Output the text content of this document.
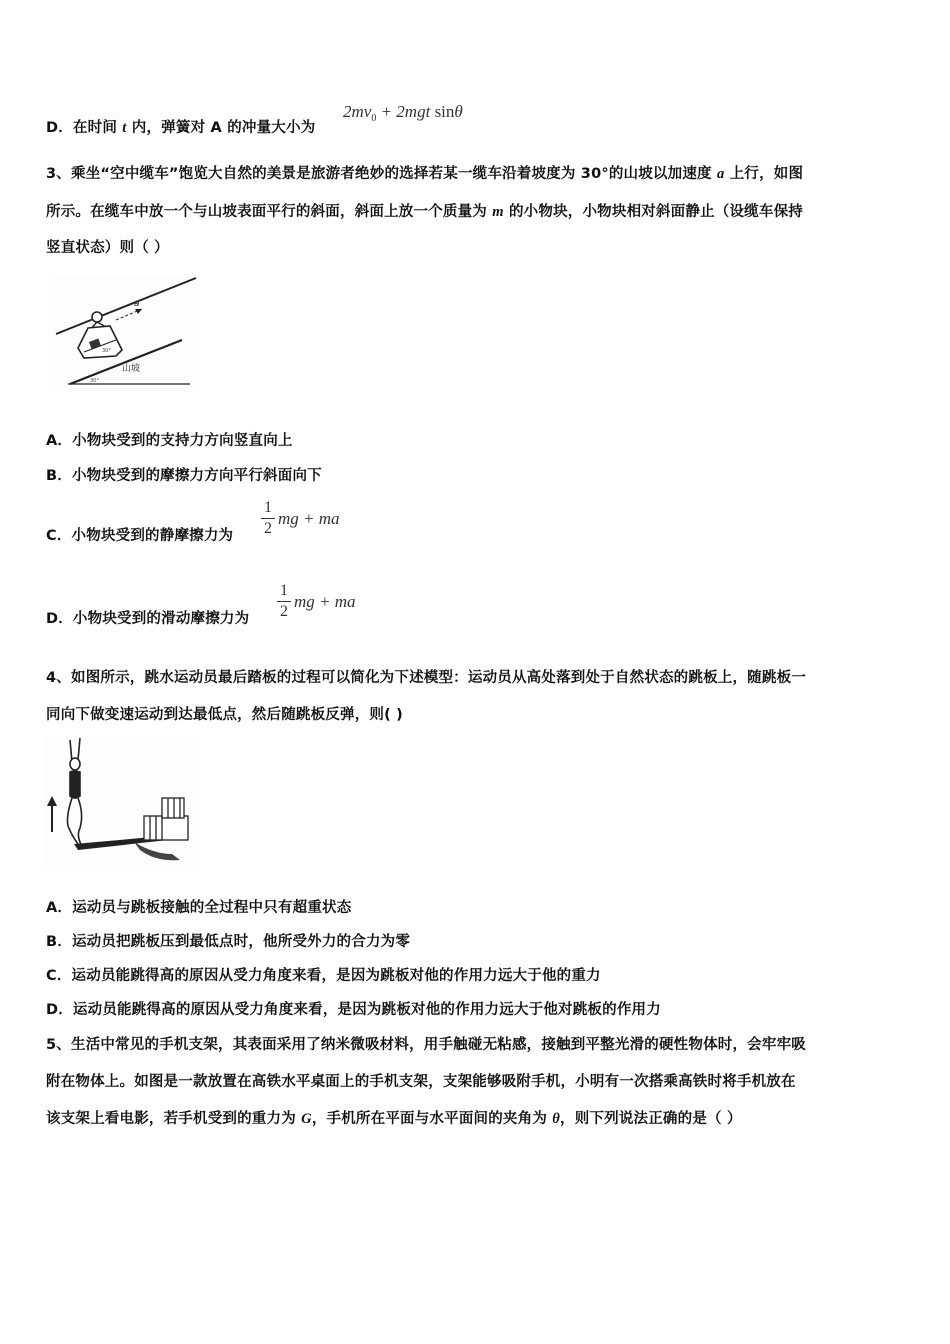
D．在时间 t 内，弹簧对 A 的冲量大小为
$2mv_0 + 2mgt$ sinθ
3、乘坐“空中缆车”饱览大自然的美景是旅游者绝妙的选择若某一缆车沿着坡度为 30°的山坡以加速度 a 上行，如图
所示。在缆车中放一个与山坡表面平行的斜面，斜面上放一个质量为 m 的小物块，小物块相对斜面静止（设缆车保持
竖直状态）则（ ）
30°
a
30°
山坡
A．小物块受到的支持力方向竖直向上
B．小物块受到的摩擦力方向平行斜面向下
C．小物块受到的静摩擦力为 $\frac{1}{2}$ mg + ma
D．小物块受到的滑动摩擦力为 $\frac{1}{2}$ mg + ma
4、如图所示，跳水运动员最后踏板的过程可以简化为下述模型：运动员从高处落到处于自然状态的跳板上，随跳板一
同向下做变速运动到达最低点，然后随跳板反弹，则( )
A．运动员与跳板接触的全过程中只有超重状态
B．运动员把跳板压到最低点时，他所受外力的合力为零
C．运动员能跳得高的原因从受力角度来看，是因为跳板对他的作用力远大于他的重力
D．运动员能跳得高的原因从受力角度来看，是因为跳板对他的作用力远大于他对跳板的作用力
5、生活中常见的手机支架，其表面采用了纳米微吸材料，用手触碰无粘感，接触到平整光滑的硬性物体时，会牢牢吸
附在物体上。如图是一款放置在高铁水平桌面上的手机支架，支架能够吸附手机，小明有一次搭乘高铁时将手机放在
该支架上看电影，若手机受到的重力为 G，手机所在平面与水平面间的夹角为 θ，则下列说法正确的是（ ）
